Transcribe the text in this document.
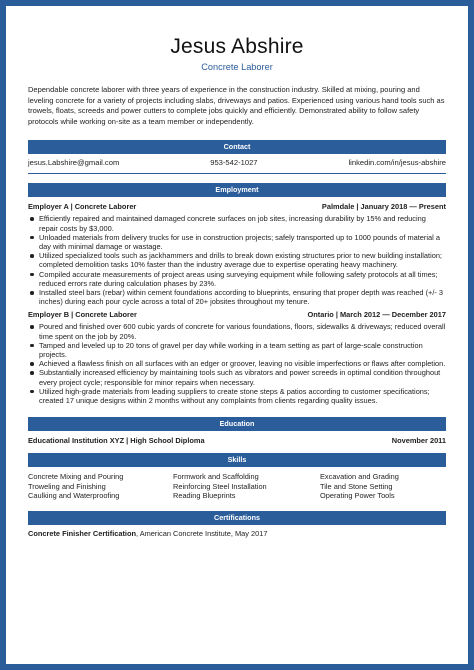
Jesus Abshire
Concrete Laborer

Dependable concrete laborer with three years of experience in the construction industry. Skilled at mixing, pouring and leveling concrete for a variety of projects including slabs, driveways and patios. Experienced using various hand tools such as trowels, floats, screeds and power cutters to complete jobs quickly and efficiently. Demonstrated ability to follow safety protocols while working on-site as a team member or independently.

Contact
jesus.Labshire@gmail.com	953-542-1027	linkedin.com/in/jesus-abshire
Employment
Employer A | Concrete Laborer	Palmdale | January 2018 — Present
Efficiently repaired and maintained damaged concrete surfaces on job sites, increasing durability by 15% and reducing repair costs by $3,000.
Unloaded materials from delivery trucks for use in construction projects; safely transported up to 1000 pounds of material a day with minimal damage or wastage.
Utilized specialized tools such as jackhammers and drills to break down existing structures prior to new building installation; completed demolition tasks 10% faster than the industry average due to expertise operating heavy machinery.
Compiled accurate measurements of project areas using surveying equipment while following safety protocols at all times; reduced errors rate during calculation phases by 23%.
Installed steel bars (rebar) within cement foundations according to blueprints, ensuring that proper depth was reached (+/- 3 inches) during each pour cycle across a total of 20+ jobsites throughout my tenure.
Employer B | Concrete Laborer	Ontario | March 2012 — December 2017
Poured and finished over 600 cubic yards of concrete for various foundations, floors, sidewalks & driveways; reduced overall time spent on the job by 20%.
Tamped and leveled up to 20 tons of gravel per day while working in a team setting as part of large-scale construction projects.
Achieved a flawless finish on all surfaces with an edger or groover, leaving no visible imperfections or flaws after completion.
Substantially increased efficiency by maintaining tools such as vibrators and power screeds in optimal condition throughout every project cycle; responsible for minor repairs when necessary.
Utilized high-grade materials from leading suppliers to create stone steps & patios according to customer specifications; created 17 unique designs within 2 months without any complaints from clients regarding quality issues.
Education
Educational Institution XYZ | High School Diploma	November 2011
Skills
Concrete Mixing and Pouring	Formwork and Scaffolding	Excavation and Grading
Troweling and Finishing	Reinforcing Steel Installation	Tile and Stone Setting
Caulking and Waterproofing	Reading Blueprints	Operating Power Tools
Certifications

Concrete Finisher Certification, American Concrete Institute, May 2017
